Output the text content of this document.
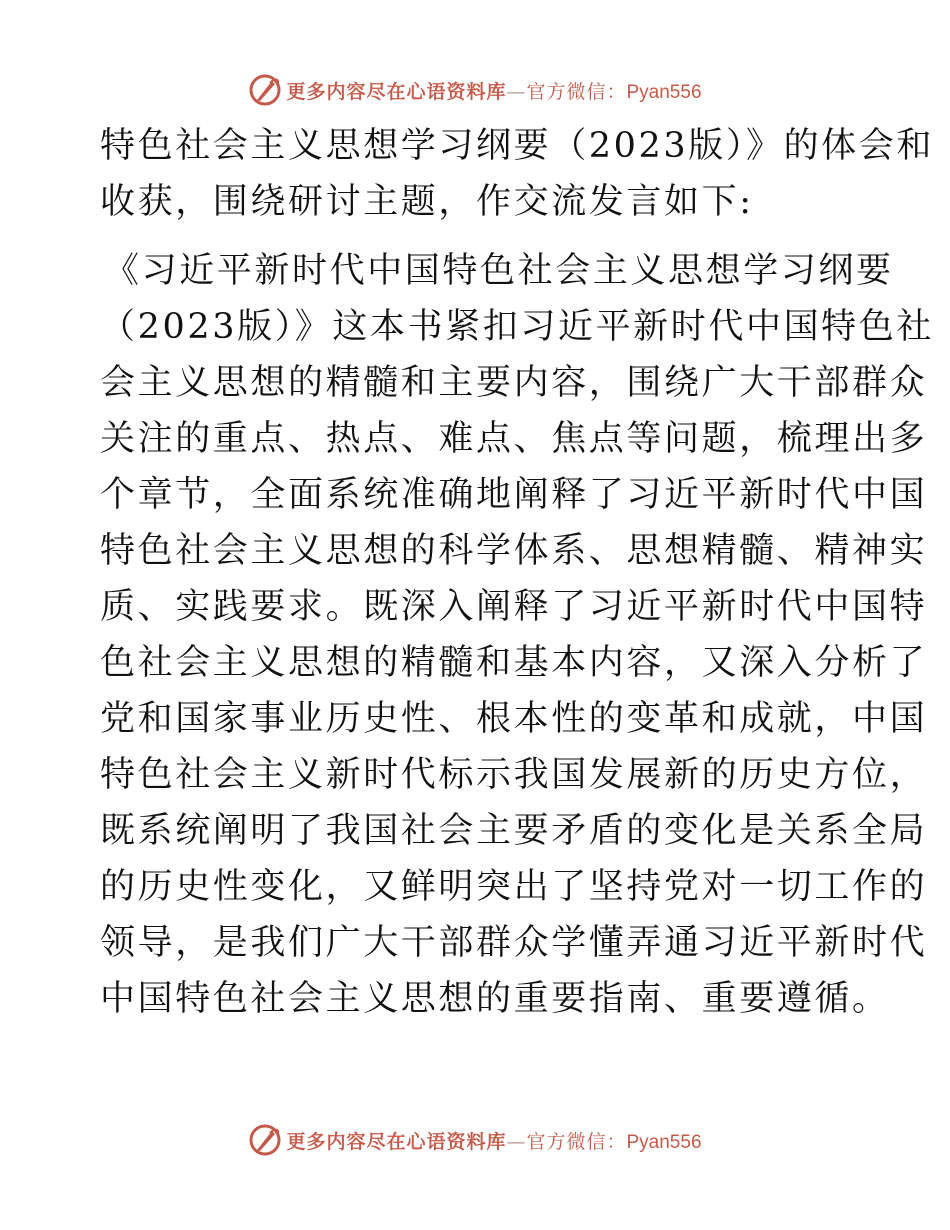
更多内容尽在心语资料库—官方微信：Pyan556
特色社会主义思想学习纲要（2023版）》的体会和
收获，围绕研讨主题，作交流发言如下:
《习近平新时代中国特色社会主义思想学习纲要
（2023版）》这本书紧扣习近平新时代中国特色社
会主义思想的精髓和主要内容，围绕广大干部群众
关注的重点、热点、难点、焦点等问题，梳理出多
个章节，全面系统准确地阐释了习近平新时代中国
特色社会主义思想的科学体系、思想精髓、精神实
质、实践要求。既深入阐释了习近平新时代中国特
色社会主义思想的精髓和基本内容，又深入分析了
党和国家事业历史性、根本性的变革和成就，中国
特色社会主义新时代标示我国发展新的历史方位，
既系统阐明了我国社会主要矛盾的变化是关系全局
的历史性变化，又鲜明突出了坚持党对一切工作的
领导，是我们广大干部群众学懂弄通习近平新时代
中国特色社会主义思想的重要指南、重要遵循。
更多内容尽在心语资料库—官方微信：Pyan556
